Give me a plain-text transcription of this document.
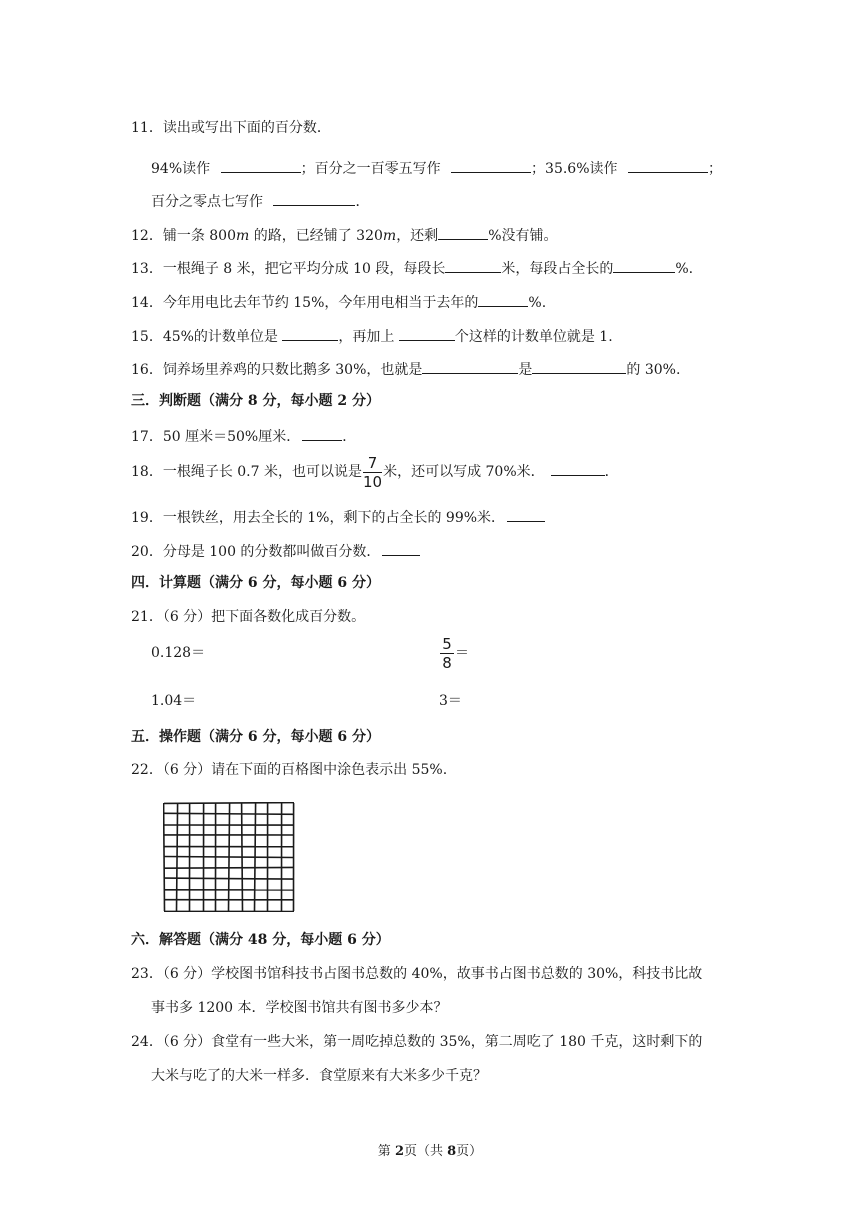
11．读出或写出下面的百分数．
94%读作	；百分之一百零五写作	；35.6%读作	；
百分之零点七写作	．
12．铺一条 800m 的路，已经铺了 320m，还剩	%没有铺。
13．一根绳子 8 米，把它平均分成 10 段，每段长	米，每段占全长的	%.
14．今年用电比去年节约 15%，今年用电相当于去年的	%.
15．45%的计数单位是	，再加上	个这样的计数单位就是 1.
16．饲养场里养鸡的只数比鹅多 30%，也就是	是	的 30%.
三．判断题（满分 8 分，每小题 2 分）
17．50 厘米＝50%厘米．	．
18．一根绳子长 0.7 米，也可以说是 $\frac{7}{10}$ 米，还可以写成 70%米．	．
19．一根铁丝，用去全长的 1%，剩下的占全长的 99%米．
20．分母是 100 的分数都叫做百分数．
四．计算题（满分 6 分，每小题 6 分）
21．（6 分）把下面各数化成百分数。
0.128＝	$\frac{5}{8}$ ＝
1.04＝	3＝
五．操作题（满分 6 分，每小题 6 分）
22．（6 分）请在下面的百格图中涂色表示出 55%.
六．解答题（满分 48 分，每小题 6 分）
23．（6 分）学校图书馆科技书占图书总数的 40%，故事书占图书总数的 30%，科技书比故
事书多 1200 本．学校图书馆共有图书多少本？
24．（6 分）食堂有一些大米，第一周吃掉总数的 35%，第二周吃了 180 千克，这时剩下的
大米与吃了的大米一样多．食堂原来有大米多少千克？
第 2页（共 8页）
